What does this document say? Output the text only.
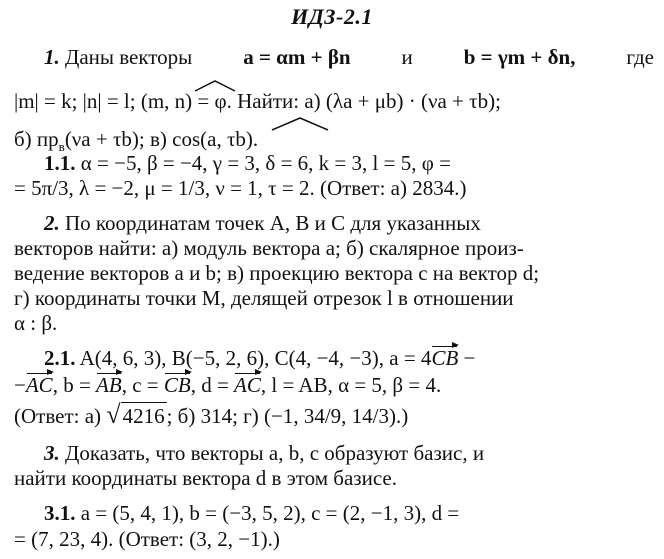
ИДЗ-2.1
1. Даны векторы a = αm + βn и b = γm + δn, где
|m| = k; |n| = l; (m, n) = φ. Найти: а) (λa + μb) · (νa + τb);
б) $пр_в(\nu a + \tau b)$; в) cos(a, τb).
1.1. α = −5, β = −4, γ = 3, δ = 6, k = 3, l = 5, φ =
= 5π/3, λ = −2, μ = 1/3, ν = 1, τ = 2. (Ответ: а) 2834.)
2. По координатам точек A, B и C для указанных
векторов найти: а) модуль вектора a; б) скалярное произ-
ведение векторов a и b; в) проекцию вектора c на вектор d;
г) координаты точки M, делящей отрезок l в отношении
α : β.
2.1. A(4, 6, 3), B(−5, 2, 6), C(4, −4, −3), a = 4CB −
−AC, b = AB, c = CB, d = AC, l = AB, α = 5, β = 4.
(Ответ: а) √4216; б) 314; г) (−1, 34/9, 14/3).)
3. Доказать, что векторы a, b, c образуют базис, и
найти координаты вектора d в этом базисе.
3.1. a = (5, 4, 1), b = (−3, 5, 2), c = (2, −1, 3), d =
= (7, 23, 4). (Ответ: (3, 2, −1).)
